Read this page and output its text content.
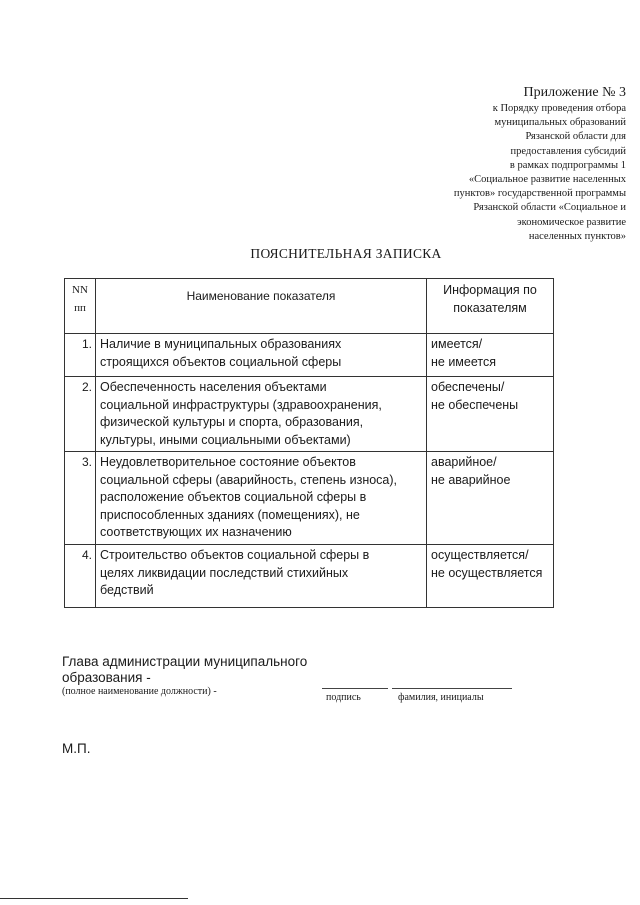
Приложение № 3
к Порядку проведения отбора
муниципальных образований
Рязанской области для
предоставления субсидий
в рамках подпрограммы 1
«Социальное развитие населенных
пунктов» государственной программы
Рязанской области «Социальное и
экономическое развитие
населенных пунктов»
ПОЯСНИТЕЛЬНАЯ ЗАПИСКА
NN
пп	Наименование показателя	Информация по
показателям

1.	Наличие в муниципальных образованиях
строящихся объектов социальной сферы	имеется/
не имеется

2.	Обеспеченность населения объектами
социальной инфраструктуры (здравоохранения,
физической культуры и спорта, образования,
культуры, иными социальными объектами)	обеспечены/
не обеспечены

3.	Неудовлетворительное состояние объектов
социальной сферы (аварийность, степень износа),
расположение объектов социальной сферы в
приспособленных зданиях (помещениях), не
соответствующих их назначению	аварийное/
не аварийное

4.	Строительство объектов социальной сферы в
целях ликвидации последствий стихийных
бедствий	осуществляется/
не осуществляется
Глава администрации муниципального
образования -
(полное наименование должности) -
подпись	фамилия, инициалы
М.П.
